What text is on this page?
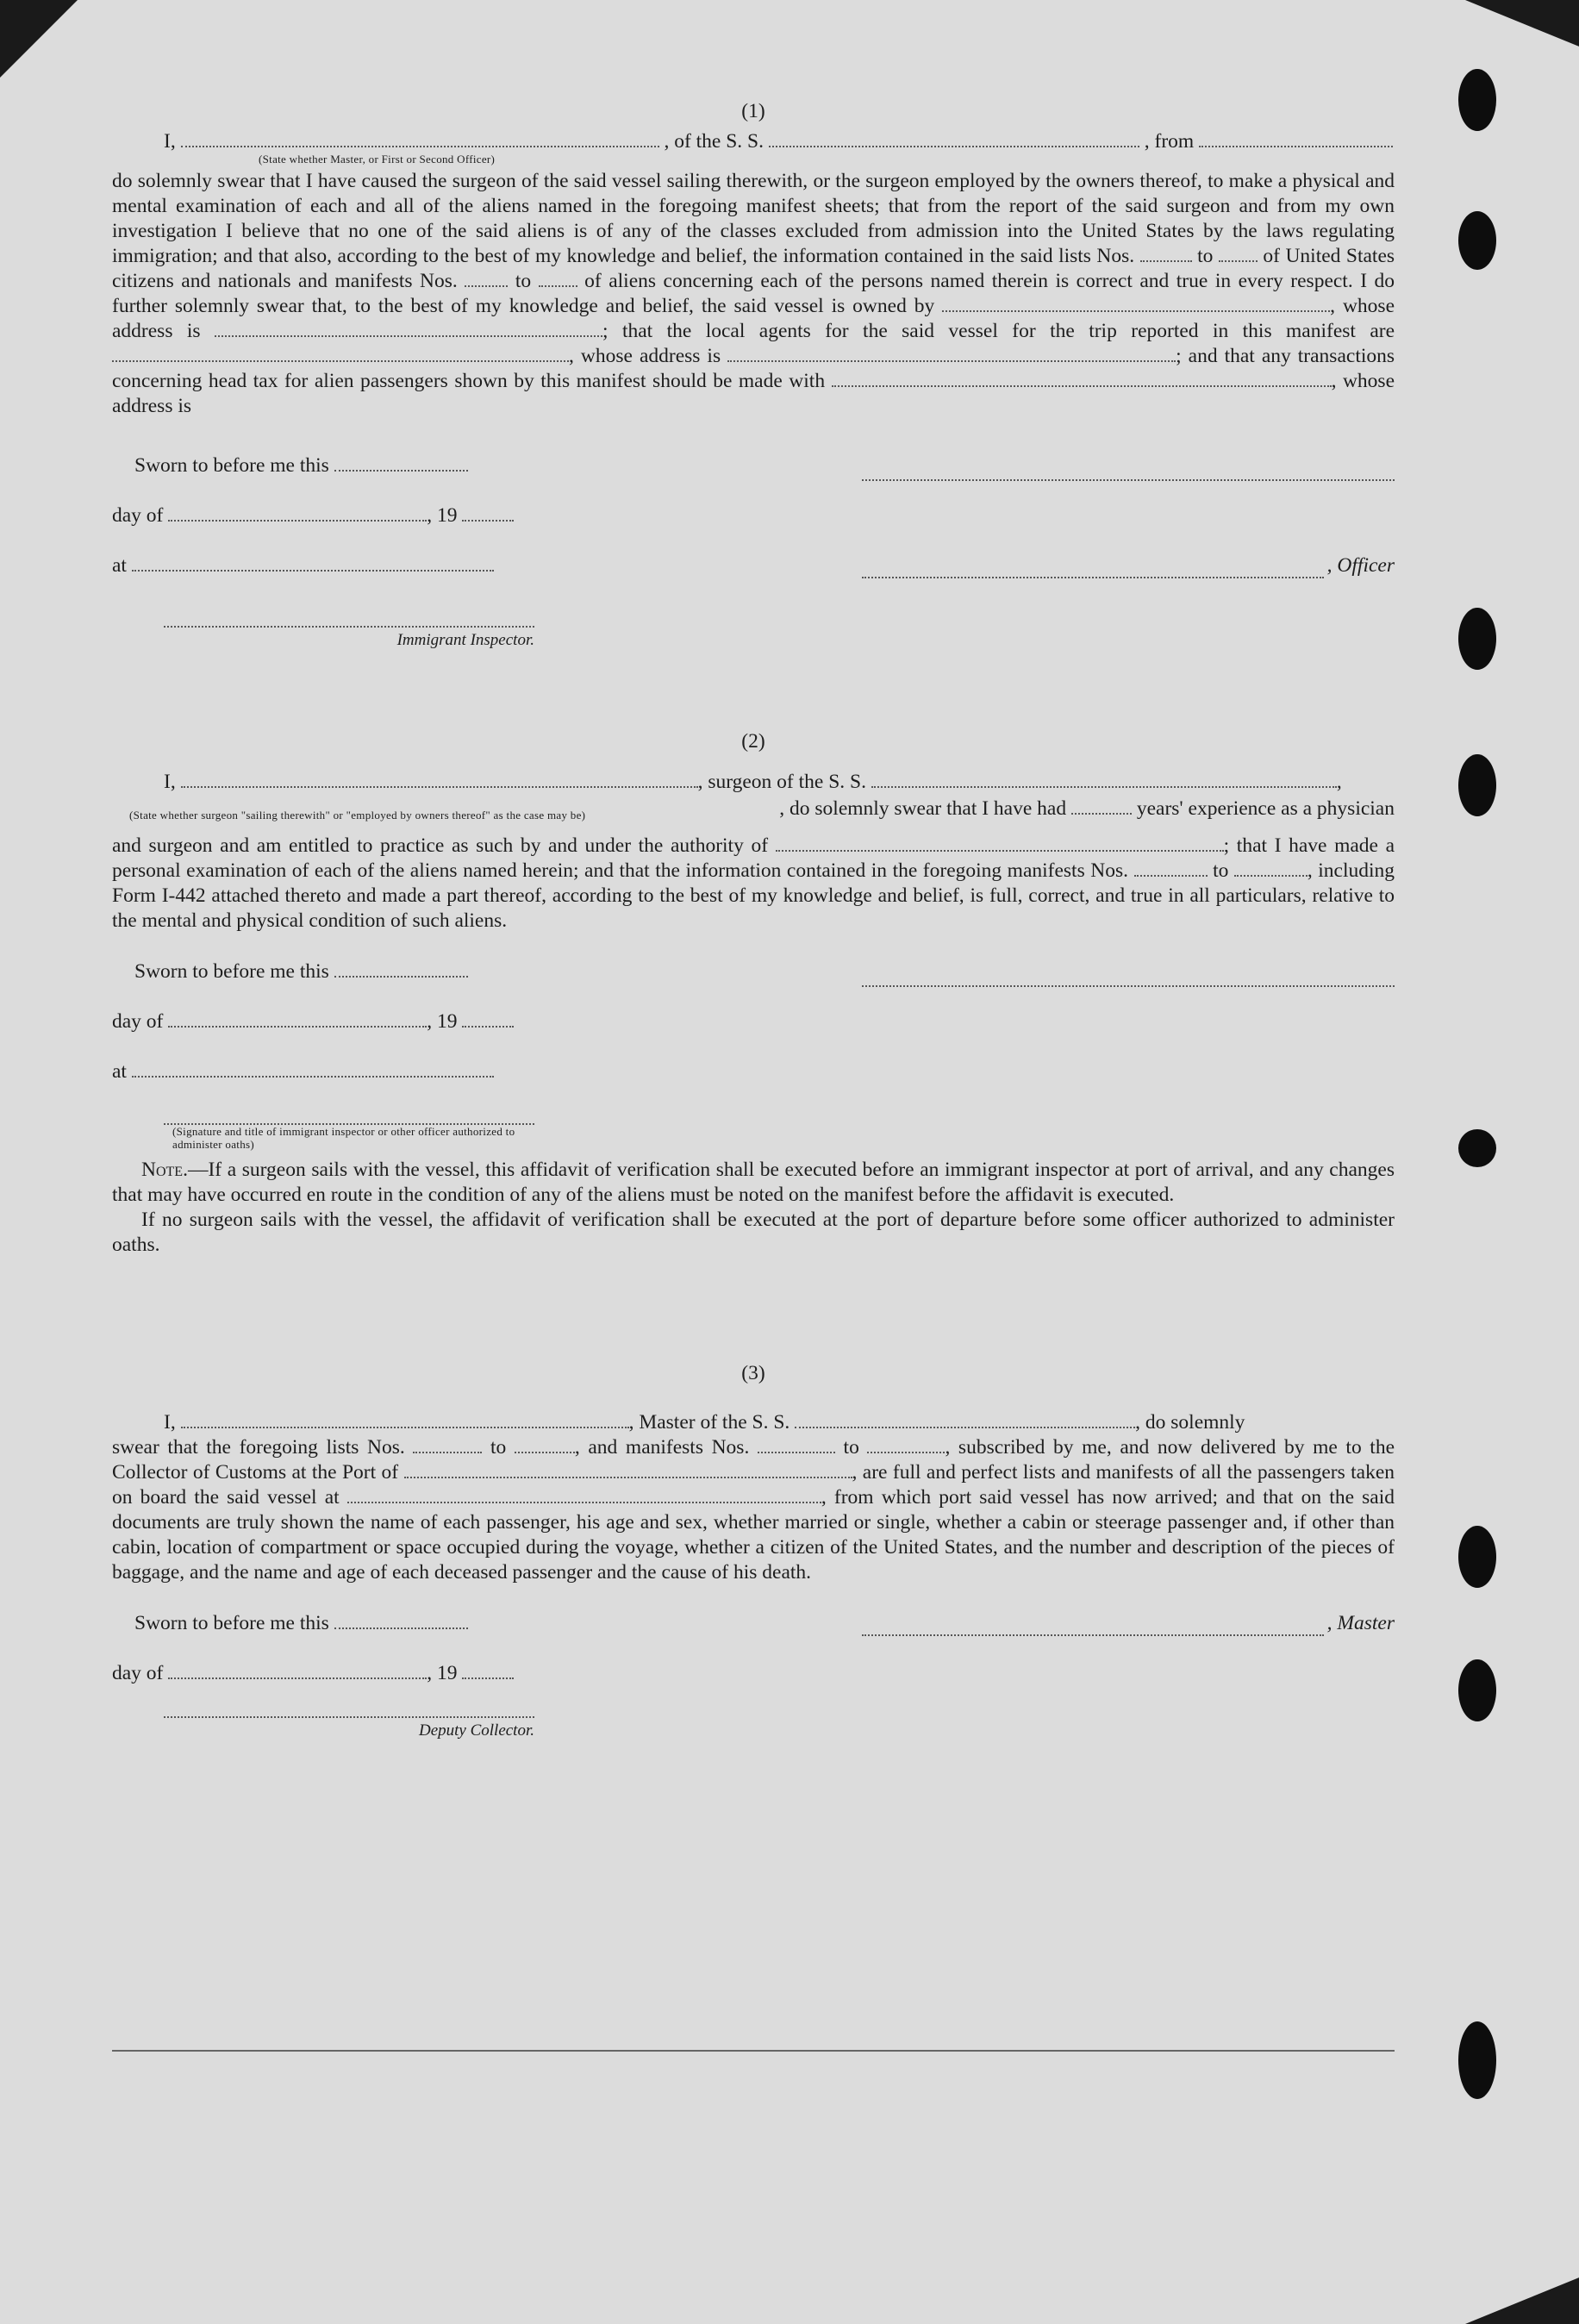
(1)

I,	, of the S. S.	, from
(State whether Master, or First or Second Officer)

do solemnly swear that I have caused the surgeon of the said vessel sailing therewith, or the surgeon employed by the owners thereof, to make a physical and mental examination of each and all of the aliens named in the foregoing manifest sheets; that from the report of the said surgeon and from my own investigation I believe that no one of the said aliens is of any of the classes excluded from admission into the United States by the laws regulating immigration; and that also, according to the best of my knowledge and belief, the information contained in the said lists Nos.	to of United States citizens and nationals and manifests Nos.	to	of aliens concerning each of the persons named therein is correct and true in every respect. I do further solemnly swear that, to the best of my knowledge and belief, the said vessel is owned by	, whose address is	; that the local agents for the said vessel for the trip reported in this manifest are , whose address is	; and that any transactions concerning head tax for alien passengers shown by this manifest should be made with	, whose address is

Sworn to before me this
day of	, 19
at
Immigrant Inspector.
, Officer

(2)

I,	, surgeon of the S. S.	,
(State whether surgeon "sailing therewith" or "employed by owners thereof" as the case may be)	, do solemnly swear that I have had	years' experience as a physician

and surgeon and am entitled to practice as such by and under the authority of	; that I have made a personal examination of each of the aliens named herein; and that the information contained in the foregoing manifests Nos.	to	, including Form I-442 attached thereto and made a part thereof, according to the best of my knowledge and belief, is full, correct, and true in all particulars, relative to the mental and physical condition of such aliens.

Sworn to before me this
day of	, 19
at
(Signature and title of immigrant inspector or other officer authorized to administer oaths)

Note.—If a surgeon sails with the vessel, this affidavit of verification shall be executed before an immigrant inspector at port of arrival, and any changes that may have occurred en route in the condition of any of the aliens must be noted on the manifest before the affidavit is executed.

If no surgeon sails with the vessel, the affidavit of verification shall be executed at the port of departure before some officer authorized to administer oaths.

(3)

I,	, Master of the S. S.	, do solemnly

swear that the foregoing lists Nos.	to	, and manifests Nos.	to	, subscribed by me, and now delivered by me to the Collector of Customs at the Port of	, are full and perfect lists and manifests of all the passengers taken on board the said vessel at	, from which port said vessel has now arrived; and that on the said documents are truly shown the name of each passenger, his age and sex, whether married or single, whether a cabin or steerage passenger and, if other than cabin, location of compartment or space occupied during the voyage, whether a citizen of the United States, and the number and description of the pieces of baggage, and the name and age of each deceased passenger and the cause of his death.

Sworn to before me this
day of	, 19
Deputy Collector.
, Master
